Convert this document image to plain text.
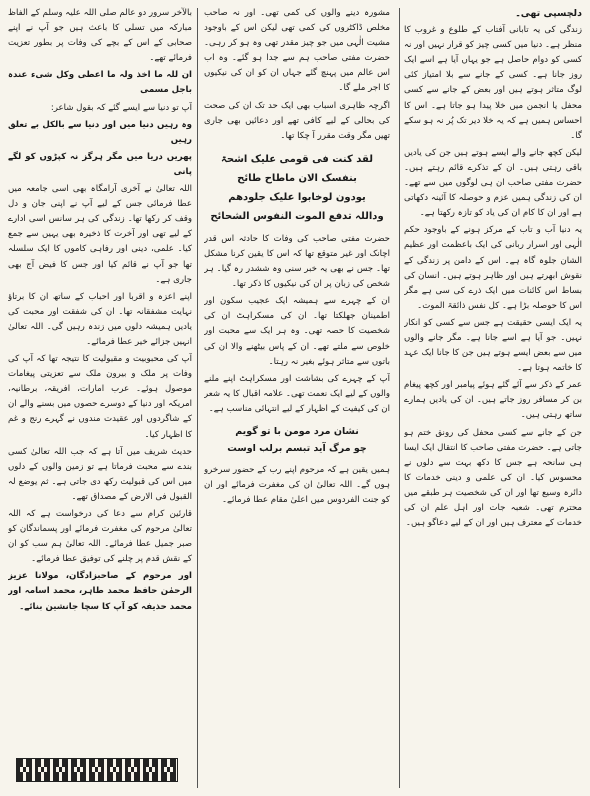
دلچسپی تھی۔

زندگی کی یہ تابانی آفتاب کے طلوع و غروب کا منظر ہے۔ دنیا میں کسی چیز کو قرار نہیں اور نہ کسی کو دوام حاصل ہے جو یہاں آیا ہے اسے ایک روز جانا ہے۔ کسی کے جانے سے بلا امتیاز کئی لوگ متاثر ہوتے ہیں اور بعض کے جانے سے کسی محفل یا انجمن میں خلا پیدا ہو جاتا ہے۔ اس کا احساس ہمیں ہے کہ یہ خلا دیر تک پُر نہ ہو سکے گا۔

لیکن کچھ جانے والے ایسے ہوتے ہیں جن کی یادیں باقی رہتی ہیں۔ ان کے تذکرے قائم رہتے ہیں۔ حضرت مفتی صاحب ان ہی لوگوں میں سے تھے۔ ان کی زندگی ہمیں عزم و حوصلہ کا آئینہ دکھاتی ہے اور ان کا کام ان کی یاد کو تازہ رکھتا ہے۔

یہ دنیا آب و تاب کے مرکز ہونے کے باوجود حکم الٰہی اور اسرار ربانی کی ایک باعظمت اور عظیم الشان جلوہ گاہ ہے۔ اس کے دامن پر زندگی کے نقوش ابھرتے ہیں اور ظاہر ہوتے ہیں۔ انسان کی بساط اس کائنات میں ایک ذرے کی سی ہے مگر اس کا حوصلہ بڑا ہے۔ کل نفس ذائقۃ الموت۔

یہ ایک ایسی حقیقت ہے جس سے کسی کو انکار نہیں۔ جو آیا ہے اسے جانا ہے۔ مگر جانے والوں میں سے بعض ایسے ہوتے ہیں جن کا جانا ایک عہد کا خاتمہ ہوتا ہے۔

عمر کے ذکر سے آئے گئے ہوئے پیامبر اور کچھ پیغام بن کر مسافر روز جاتے ہیں۔ ان کی یادیں ہمارے ساتھ رہتی ہیں۔

جن کے جانے سے کسی محفل کی رونق ختم ہو جاتی ہے۔ حضرت مفتی صاحب کا انتقال ایک ایسا ہی سانحہ ہے جس کا دکھ بہت سے دلوں نے محسوس کیا۔ ان کی علمی و دینی خدمات کا دائرہ وسیع تھا اور ان کی شخصیت ہر طبقے میں محترم تھی۔ شعبہ جات اور اہل علم ان کی خدمات کے معترف ہیں اور ان کے لیے دعاگو ہیں۔

مشورہ دینے والوں کی کمی تھی۔ اور نہ صاحب مخلص ڈاکٹروں کی کمی تھی لیکن اس کے باوجود مشیت الٰہی میں جو چیز مقدر تھی وہ ہو کر رہی۔ حضرت مفتی صاحب ہم سے جدا ہو گئے۔ وہ اب اس عالم میں پہنچ گئے جہاں ان کو ان کی نیکیوں کا اجر ملے گا۔

اگرچہ ظاہری اسباب بھی ایک حد تک ان کی صحت کی بحالی کے لیے کافی تھے اور دعائیں بھی جاری تھیں مگر وقت مقرر آ چکا تھا۔

لقد کنت فی قومی علیک اشحۃ
بنفسک الان ماطاح طائح
یودون لوخابوا علیک جلودھم
وداللہ تدفع الموت النفوس الشحائح

حضرت مفتی صاحب کی وفات کا حادثہ اس قدر اچانک اور غیر متوقع تھا کہ اس کا یقین کرنا مشکل تھا۔ جس نے بھی یہ خبر سنی وہ ششدر رہ گیا۔ ہر شخص کی زبان پر ان کی نیکیوں کا ذکر تھا۔

ان کے چہرے سے ہمیشہ ایک عجیب سکون اور اطمینان جھلکتا تھا۔ ان کی مسکراہٹ ان کی شخصیت کا حصہ تھی۔ وہ ہر ایک سے محبت اور خلوص سے ملتے تھے۔ ان کے پاس بیٹھنے والا ان کی باتوں سے متاثر ہوئے بغیر نہ رہتا۔

آپ کے چہرے کی بشاشت اور مسکراہٹ اپنے ملنے والوں کے لیے ایک نعمت تھی۔ علامہ اقبال کا یہ شعر ان کی کیفیت کے اظہار کے لیے انتہائی مناسب ہے۔

نشان مرد مومن با تو گویم
چو مرگ آید تبسم برلب اوست

ہمیں یقین ہے کہ مرحوم اپنے رب کے حضور سرخرو ہوں گے۔ اللہ تعالیٰ ان کی مغفرت فرمائے اور ان کو جنت الفردوس میں اعلیٰ مقام عطا فرمائے۔

بالآخر سرور دو عالم صلی اللہ علیہ وسلم کے الفاظ مبارکہ میں تسلی کا باعث ہیں جو آپ نے اپنے صحابی کے اس کے بچے کی وفات پر بطور تعزیت فرمائے تھے۔

ان للہ ما اخذ ولہ ما اعطی وکل شیء عندہ باجل مسمی

آپ تو دنیا سے ایسے گئے کہ بقول شاعر:

وہ رہیں دنیا میں اور دنیا سے بالکل بے تعلق رہیں

پھریں دریا میں مگر ہرگز نہ کپڑوں کو لگے پانی

اللہ تعالیٰ نے آخری آرامگاہ بھی اسی جامعہ میں عطا فرمائی جس کے لیے آپ نے اپنی جان و دل وقف کر رکھا تھا۔ زندگی کی ہر سانس اسی ادارے کے لیے تھی اور آخرت کا ذخیرہ بھی یہیں سے جمع کیا۔ علمی، دینی اور رفاہی کاموں کا ایک سلسلہ تھا جو آپ نے قائم کیا اور جس کا فیض آج بھی جاری ہے۔

اپنے اعزہ و اقربا اور احباب کے ساتھ ان کا برتاؤ نہایت مشفقانہ تھا۔ ان کی شفقت اور محبت کی یادیں ہمیشہ دلوں میں زندہ رہیں گی۔ اللہ تعالیٰ انہیں جزائے خیر عطا فرمائے۔

آپ کی محبوبیت و مقبولیت کا نتیجہ تھا کہ آپ کی وفات پر ملک و بیرون ملک سے تعزیتی پیغامات موصول ہوئے۔ عرب امارات، افریقہ، برطانیہ، امریکہ اور دنیا کے دوسرے حصوں میں بسنے والے ان کے شاگردوں اور عقیدت مندوں نے گہرے رنج و غم کا اظہار کیا۔

حدیث شریف میں آتا ہے کہ جب اللہ تعالیٰ کسی بندے سے محبت فرماتا ہے تو زمین والوں کے دلوں میں اس کی قبولیت رکھ دی جاتی ہے۔ ثم یوضع لہ القبول فی الارض کے مصداق تھے۔

قارئین کرام سے دعا کی درخواست ہے کہ اللہ تعالیٰ مرحوم کی مغفرت فرمائے اور پسماندگان کو صبر جمیل عطا فرمائے۔ اللہ تعالیٰ ہم سب کو ان کے نقش قدم پر چلنے کی توفیق عطا فرمائے۔

اور مرحوم کے صاحبزادگان، مولانا عزیز الرحمٰن حافظ محمد طاہر، محمد اسامہ اور محمد حذیفہ کو آپ کا سچا جانشین بنائے۔
